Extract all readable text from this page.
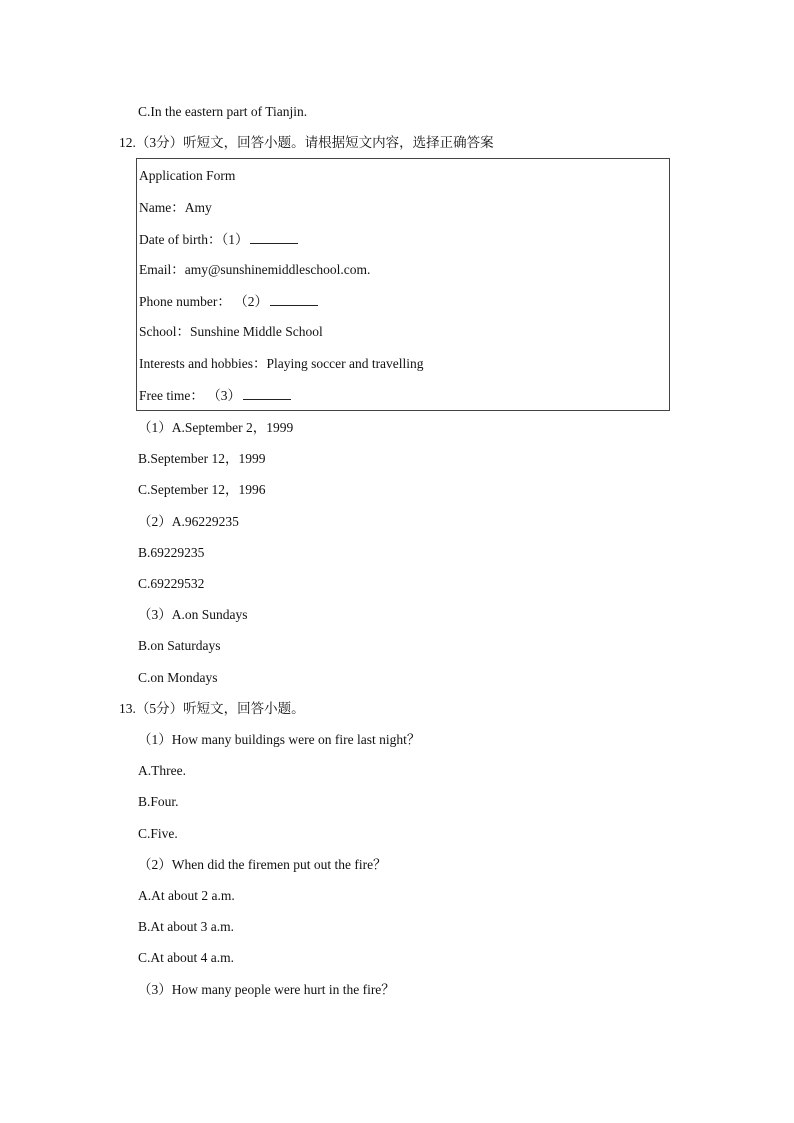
C.In the eastern part of Tianjin.
12.（3分）听短文，回答小题。请根据短文内容，选择正确答案
Application Form
Name：Amy
Date of birth：（1）
Email：amy@sunshinemiddleschool.com.
Phone number： （2）
School：Sunshine Middle School
Interests and hobbies：Playing soccer and travelling
Free time： （3）
（1）A.September 2，1999
B.September 12，1999
C.September 12，1996
（2）A.96229235
B.69229235
C.69229532
（3）A.on Sundays
B.on Saturdays
C.on Mondays
13.（5分）听短文，回答小题。
（1）How many buildings were on fire last night？
A.Three.
B.Four.
C.Five.
（2）When did the firemen put out the fire？
A.At about 2 a.m.
B.At about 3 a.m.
C.At about 4 a.m.
（3）How many people were hurt in the fire？
